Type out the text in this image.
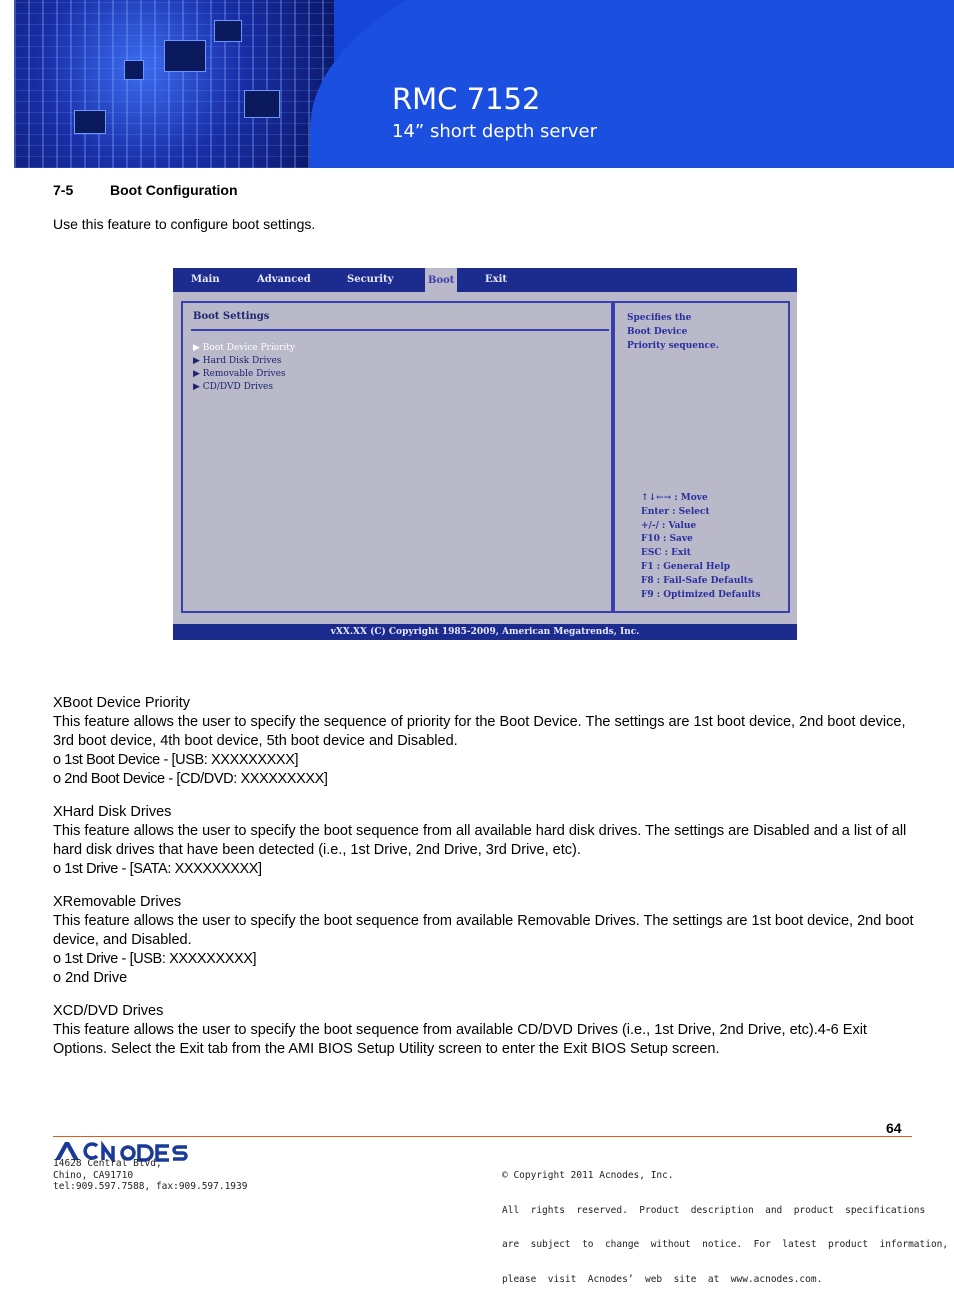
RMC 7152
14” short depth server
7-5	Boot Configuration
Use this feature to configure boot settings.
Main	Advanced	Security	Boot	Exit
Boot Settings
▶ Boot Device Priority
▶ Hard Disk Drives
▶ Removable Drives
▶ CD/DVD Drives
Specifies the
Boot Device
Priority sequence.
↑↓←→ : Move
Enter : Select
+/-/ : Value
F10 : Save
ESC : Exit
F1 : General Help
F8 : Fail-Safe Defaults
F9 : Optimized Defaults
vXX.XX (C) Copyright 1985-2009, American Megatrends, Inc.
XBoot Device Priority
This feature allows the user to specify the sequence of priority for the Boot Device. The settings are 1st boot device, 2nd boot device, 3rd boot device, 4th boot device, 5th boot device and Disabled.
o 1st Boot Device - [USB: XXXXXXXXX]
o 2nd Boot Device - [CD/DVD: XXXXXXXXX]
XHard Disk Drives
This feature allows the user to specify the boot sequence from all available hard disk drives. The settings are Disabled and a list of all hard disk drives that have been detected (i.e., 1st Drive, 2nd Drive, 3rd Drive, etc).
o 1st Drive - [SATA: XXXXXXXXX]
XRemovable Drives
This feature allows the user to specify the boot sequence from available Removable Drives. The settings are 1st boot device, 2nd boot device, and Disabled.
o 1st Drive - [USB: XXXXXXXXX]
o 2nd Drive
XCD/DVD Drives
This feature allows the user to specify the boot sequence from available CD/DVD Drives (i.e., 1st Drive, 2nd Drive, etc).4-6 Exit Options. Select the Exit tab from the AMI BIOS Setup Utility screen to enter the Exit BIOS Setup screen.
64
14628 Central Blvd,
Chino, CA91710
tel:909.597.7588, fax:909.597.1939

© Copyright 2011 Acnodes, Inc.

All  rights  reserved.  Product  description  and  product  specifications

are  subject  to  change  without  notice.  For  latest  product  information,

please  visit  Acnodes’  web  site  at  www.acnodes.com.
